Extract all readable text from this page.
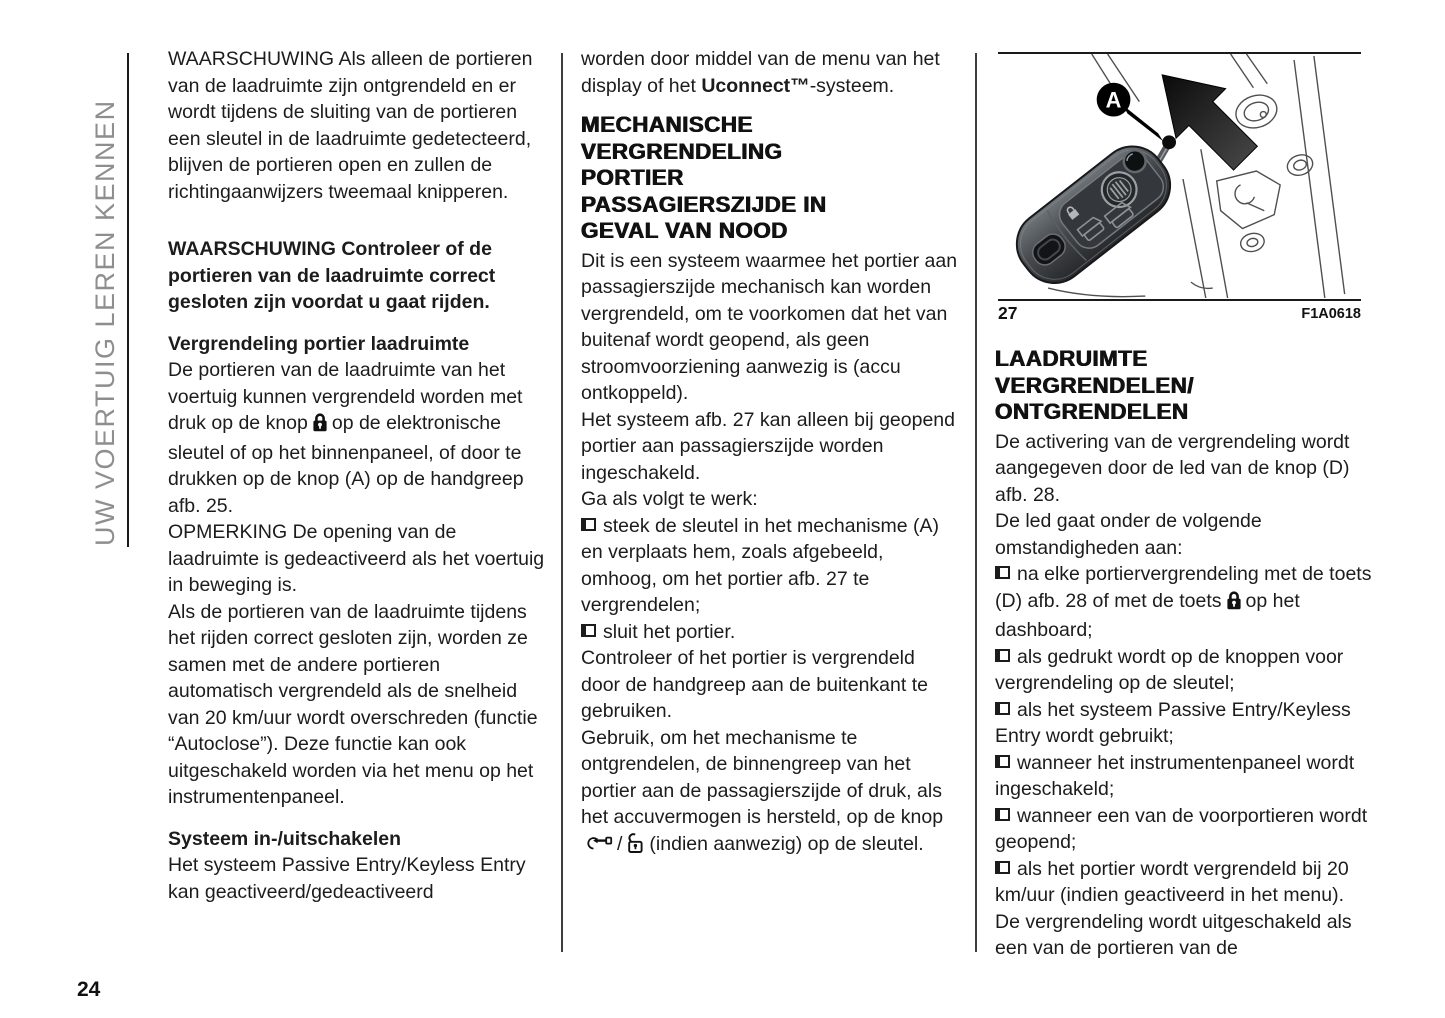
UW VOERTUIG LEREN KENNEN
24

WAARSCHUWING Als alleen de portieren van de laadruimte zijn ontgrendeld en er wordt tijdens de sluiting van de portieren een sleutel in de laadruimte gedetecteerd, blijven de portieren open en zullen de richtingaanwijzers tweemaal knipperen.

WAARSCHUWING Controleer of de portieren van de laadruimte correct gesloten zijn voordat u gaat rijden.

Vergrendeling portier laadruimte

De portieren van de laadruimte van het voertuig kunnen vergrendeld worden met druk op de knop op de elektronische sleutel of op het binnenpaneel, of door te drukken op de knop (A) op de handgreep afb. 25.

OPMERKING De opening van de laadruimte is gedeactiveerd als het voertuig in beweging is.

Als de portieren van de laadruimte tijdens het rijden correct gesloten zijn, worden ze samen met de andere portieren automatisch vergrendeld als de snelheid van 20 km/uur wordt overschreden (functie “Autoclose”). Deze functie kan ook uitgeschakeld worden via het menu op het instrumentenpaneel.

Systeem in-/uitschakelen

Het systeem Passive Entry/Keyless Entry kan geactiveerd/gedeactiveerd

worden door middel van de menu van het display of het Uconnect™-systeem.

MECHANISCHE
VERGRENDELING
PORTIER
PASSAGIERSZIJDE IN
GEVAL VAN NOOD

Dit is een systeem waarmee het portier aan passagierszijde mechanisch kan worden vergrendeld, om te voorkomen dat het van buitenaf wordt geopend, als geen stroomvoorziening aanwezig is (accu ontkoppeld).

Het systeem afb. 27 kan alleen bij geopend portier aan passagierszijde worden ingeschakeld.

Ga als volgt te werk:

steek de sleutel in het mechanisme (A) en verplaats hem, zoals afgebeeld, omhoog, om het portier afb. 27 te vergrendelen;

sluit het portier.

Controleer of het portier is vergrendeld door de handgreep aan de buitenkant te gebruiken.

Gebruik, om het mechanisme te ontgrendelen, de binnengreep van het portier aan de passagierszijde of druk, als het accuvermogen is hersteld, op de knop/ (indien aanwezig) op de sleutel.

A
27	F1A0618
LAADRUIMTE
VERGRENDELEN/
ONTGRENDELEN

De activering van de vergrendeling wordt aangegeven door de led van de knop (D) afb. 28.

De led gaat onder de volgende omstandigheden aan:

na elke portiervergrendeling met de toets (D) afb. 28 of met de toets op het dashboard;

als gedrukt wordt op de knoppen voor vergrendeling op de sleutel;

als het systeem Passive Entry/Keyless Entry wordt gebruikt;

wanneer het instrumentenpaneel wordt ingeschakeld;

wanneer een van de voorportieren wordt geopend;

als het portier wordt vergrendeld bij 20 km/uur (indien geactiveerd in het menu).

De vergrendeling wordt uitgeschakeld als een van de portieren van de
